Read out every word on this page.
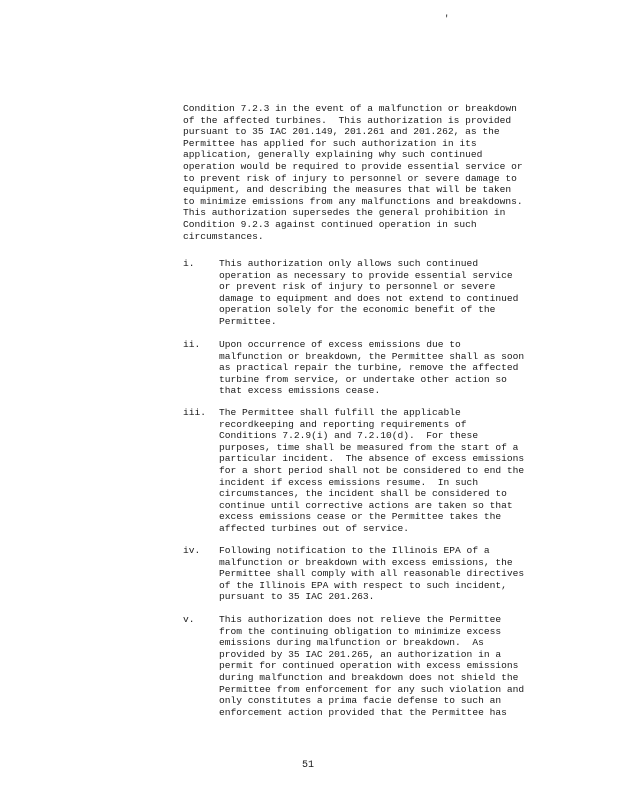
'
Condition 7.2.3 in the event of a malfunction or breakdown
of the affected turbines.  This authorization is provided
pursuant to 35 IAC 201.149, 201.261 and 201.262, as the
Permittee has applied for such authorization in its
application, generally explaining why such continued
operation would be required to provide essential service or
to prevent risk of injury to personnel or severe damage to
equipment, and describing the measures that will be taken
to minimize emissions from any malfunctions and breakdowns.
This authorization supersedes the general prohibition in
Condition 9.2.3 against continued operation in such
circumstances.
i.	This authorization only allows such continued
operation as necessary to provide essential service
or prevent risk of injury to personnel or severe
damage to equipment and does not extend to continued
operation solely for the economic benefit of the
Permittee.
ii. Upon occurrence of excess emissions due to
malfunction or breakdown, the Permittee shall as soon
as practical repair the turbine, remove the affected
turbine from service, or undertake other action so
that excess emissions cease.
iii. The Permittee shall fulfill the applicable
recordkeeping and reporting requirements of
Conditions 7.2.9(i) and 7.2.10(d).  For these
purposes, time shall be measured from the start of a
particular incident.  The absence of excess emissions
for a short period shall not be considered to end the
incident if excess emissions resume.  In such
circumstances, the incident shall be considered to
continue until corrective actions are taken so that
excess emissions cease or the Permittee takes the
affected turbines out of service.
iv. Following notification to the Illinois EPA of a
malfunction or breakdown with excess emissions, the
Permittee shall comply with all reasonable directives
of the Illinois EPA with respect to such incident,
pursuant to 35 IAC 201.263.
v.	This authorization does not relieve the Permittee
from the continuing obligation to minimize excess
emissions during malfunction or breakdown.  As
provided by 35 IAC 201.265, an authorization in a
permit for continued operation with excess emissions
during malfunction and breakdown does not shield the
Permittee from enforcement for any such violation and
only constitutes a prima facie defense to such an
enforcement action provided that the Permittee has
51
